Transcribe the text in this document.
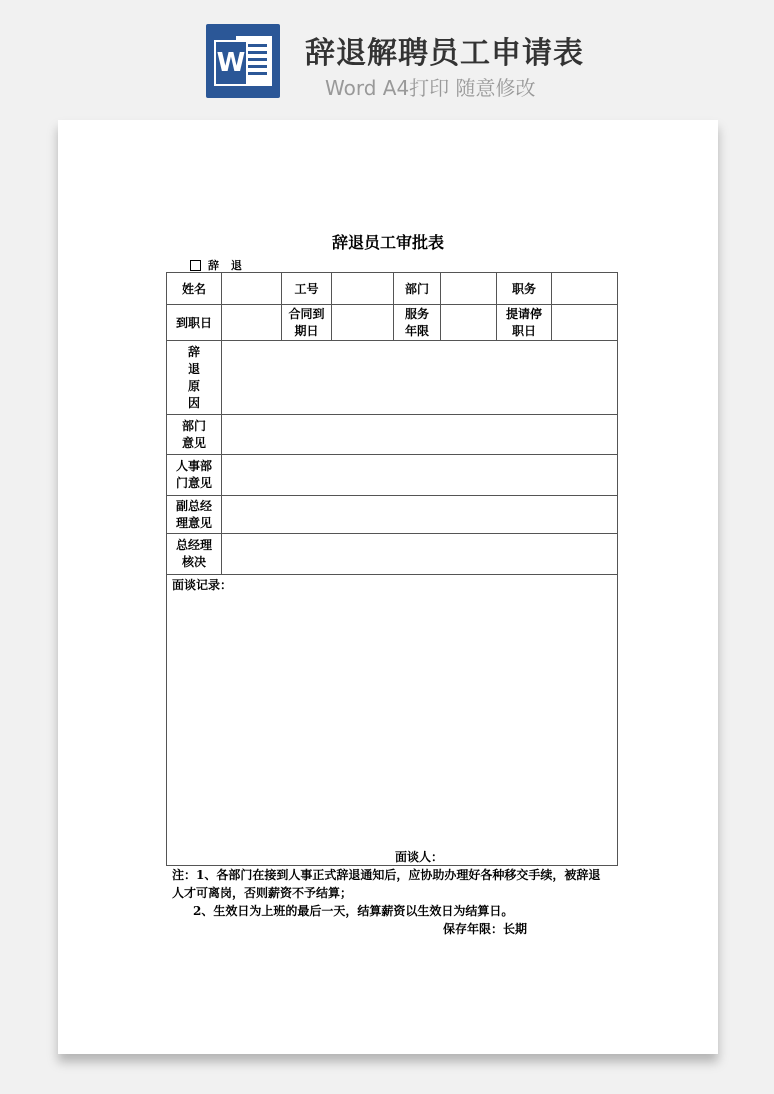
W 辞退解聘员工申请表
Word A4打印 随意修改
辞退员工审批表
辞 退
姓名		工号		部门		职务	
到职日		合同到期日		服务年限		提请停职日	
辞退原因							
部门意见							
人事部门意见							
副总经理意见							
总经理核决							

面谈记录：
面谈人：							

注：1、各部门在接到人事正式辞退通知后，应协助办理好各种移交手续，被辞退人才可离岗，否则薪资不予结算；

2、生效日为上班的最后一天，结算薪资以生效日为结算日。

保存年限：长期
